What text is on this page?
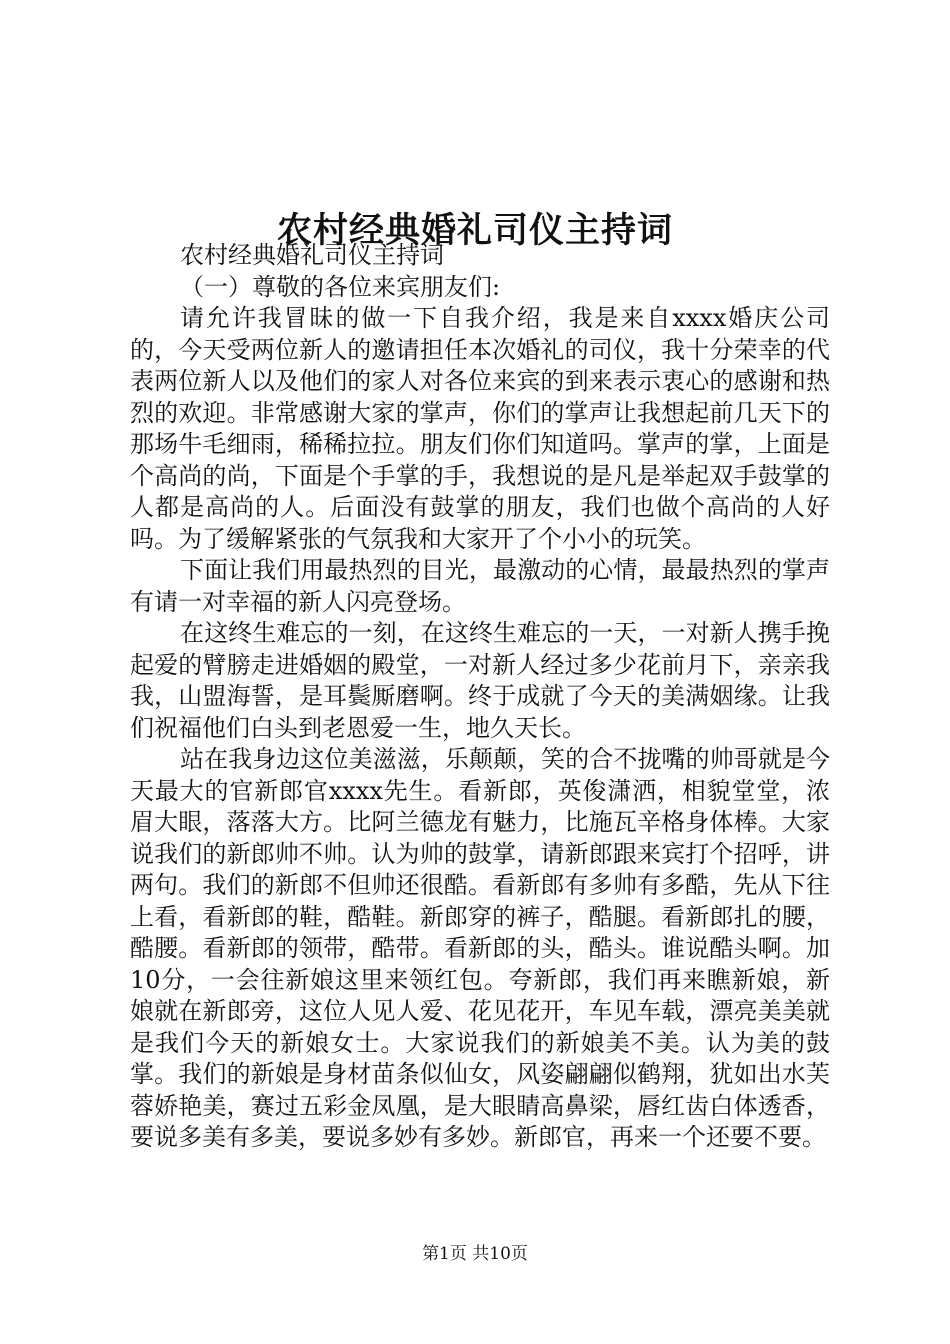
农村经典婚礼司仪主持词

农村经典婚礼司仪主持词

（一）尊敬的各位来宾朋友们:

请允许我冒昧的做一下自我介绍，我是来自xxxx婚庆公司的，今天受两位新人的邀请担任本次婚礼的司仪，我十分荣幸的代表两位新人以及他们的家人对各位来宾的到来表示衷心的感谢和热烈的欢迎。非常感谢大家的掌声，你们的掌声让我想起前几天下的那场牛毛细雨，稀稀拉拉。朋友们你们知道吗。掌声的掌，上面是个高尚的尚，下面是个手掌的手，我想说的是凡是举起双手鼓掌的人都是高尚的人。后面没有鼓掌的朋友，我们也做个高尚的人好吗。为了缓解紧张的气氛我和大家开了个小小的玩笑。

下面让我们用最热烈的目光，最激动的心情，最最热烈的掌声有请一对幸福的新人闪亮登场。

在这终生难忘的一刻，在这终生难忘的一天，一对新人携手挽起爱的臂膀走进婚姻的殿堂，一对新人经过多少花前月下，亲亲我我，山盟海誓，是耳鬓厮磨啊。终于成就了今天的美满姻缘。让我们祝福他们白头到老恩爱一生，地久天长。

站在我身边这位美滋滋，乐颠颠，笑的合不拢嘴的帅哥就是今天最大的官新郎官xxxx先生。看新郎，英俊潇洒，相貌堂堂，浓眉大眼，落落大方。比阿兰德龙有魅力，比施瓦辛格身体棒。大家说我们的新郎帅不帅。认为帅的鼓掌，请新郎跟来宾打个招呼，讲两句。我们的新郎不但帅还很酷。看新郎有多帅有多酷，先从下往上看，看新郎的鞋，酷鞋。新郎穿的裤子，酷腿。看新郎扎的腰，酷腰。看新郎的领带，酷带。看新郎的头，酷头。谁说酷头啊。加10分，一会往新娘这里来领红包。夸新郎，我们再来瞧新娘，新娘就在新郎旁，这位人见人爱、花见花开，车见车载，漂亮美美就是我们今天的新娘女士。大家说我们的新娘美不美。认为美的鼓掌。我们的新娘是身材苗条似仙女，风姿翩翩似鹤翔，犹如出水芙蓉娇艳美，赛过五彩金凤凰，是大眼睛高鼻梁，唇红齿白体透香，要说多美有多美，要说多妙有多妙。新郎官，再来一个还要不要。

第1页 共10页
